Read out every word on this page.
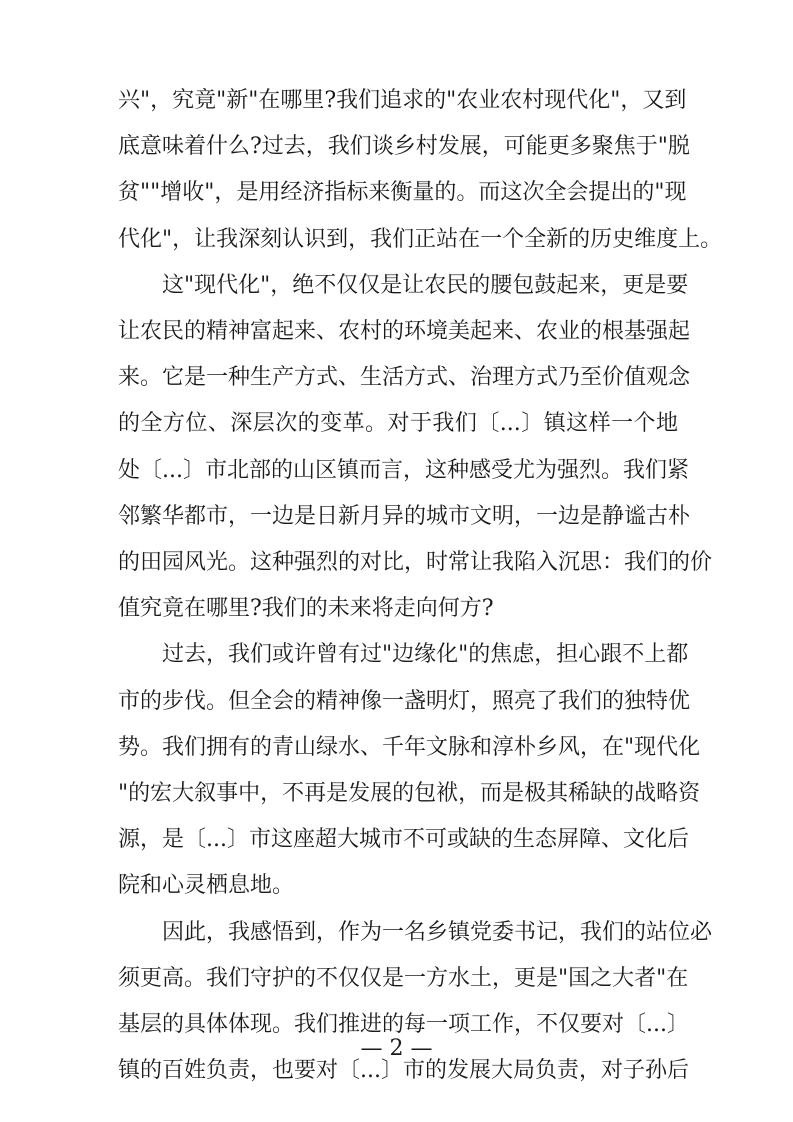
兴"，究竟"新"在哪里?我们追求的"农业农村现代化"，又到
底意味着什么?过去，我们谈乡村发展，可能更多聚焦于"脱
贫""增收"，是用经济指标来衡量的。而这次全会提出的"现
代化"，让我深刻认识到，我们正站在一个全新的历史维度上。
　　这"现代化"，绝不仅仅是让农民的腰包鼓起来，更是要
让农民的精神富起来、农村的环境美起来、农业的根基强起
来。它是一种生产方式、生活方式、治理方式乃至价值观念
的全方位、深层次的变革。对于我们〔...〕镇这样一个地
处〔...〕市北部的山区镇而言，这种感受尤为强烈。我们紧
邻繁华都市，一边是日新月异的城市文明，一边是静谧古朴
的田园风光。这种强烈的对比，时常让我陷入沉思：我们的价
值究竟在哪里?我们的未来将走向何方?
　　过去，我们或许曾有过"边缘化"的焦虑，担心跟不上都
市的步伐。但全会的精神像一盏明灯，照亮了我们的独特优
势。我们拥有的青山绿水、千年文脉和淳朴乡风，在"现代化
"的宏大叙事中，不再是发展的包袱，而是极其稀缺的战略资
源，是〔...〕市这座超大城市不可或缺的生态屏障、文化后
院和心灵栖息地。
　　因此，我感悟到，作为一名乡镇党委书记，我们的站位必
须更高。我们守护的不仅仅是一方水土，更是"国之大者"在
基层的具体体现。我们推进的每一项工作，不仅要对〔...〕
镇的百姓负责，也要对〔...〕市的发展大局负责，对子孙后
— 2 —
